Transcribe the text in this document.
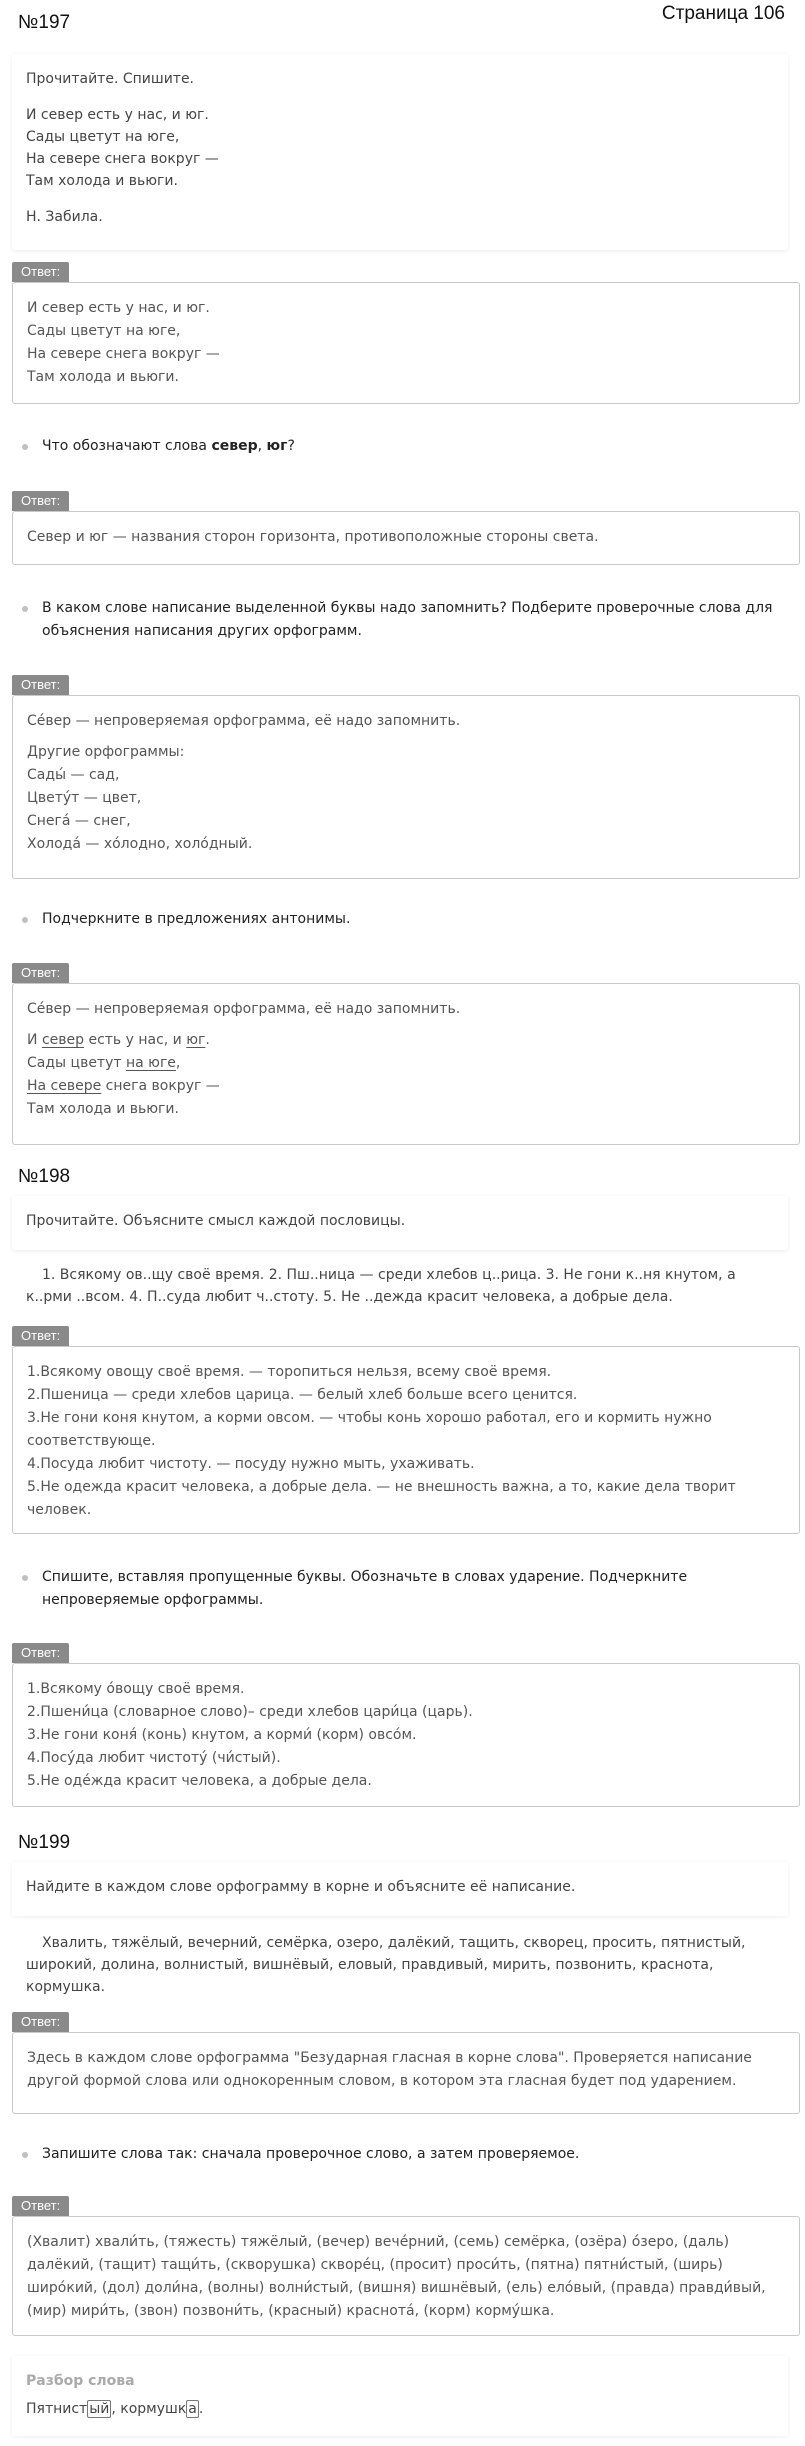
№197	Страница 106

Прочитайте. Спишите.

И север есть у нас, и юг.

Сады цветут на юге,

На севере снега вокруг —

Там холода и вьюги.

Н. Забила.

Ответ:

И север есть у нас, и юг.

Сады цветут на юге,

На севере снега вокруг —

Там холода и вьюги.

Что обозначают слова север, юг?
Ответ:

Север и юг — названия сторон горизонта, противоположные стороны света.

В каком слове написание выделенной буквы надо запомнить? Подберите проверочные слова для объяснения написания других орфограмм.
Ответ:

Се́вер — непроверяемая орфограмма, её надо запомнить.

Другие орфограммы:

Сады́ — сад,

Цвету́т — цвет,

Снега́ — снег,

Холода́ — хо́лодно, холо́дный.

Подчеркните в предложениях антонимы.
Ответ:

Се́вер — непроверяемая орфограмма, её надо запомнить.

И север есть у нас, и юг.

Сады цветут на юге,

На севере снега вокруг —

Там холода и вьюги.

№198

Прочитайте. Объясните смысл каждой пословицы.

1. Всякому ов..щу своё время. 2. Пш..ница — среди хлебов ц..рица. 3. Не гони к..ня кнутом, а к..рми ..всом. 4. П..суда любит ч..стоту. 5. Не ..дежда красит человека, а добрые дела.
Ответ:

1.Всякому овощу своё время. — торопиться нельзя, всему своё время.

2.Пшеница — среди хлебов царица. — белый хлеб больше всего ценится.

3.Не гони коня кнутом, а корми овсом. — чтобы конь хорошо работал, его и кормить нужно соответствующе.

4.Посуда любит чистоту. — посуду нужно мыть, ухаживать.

5.Не одежда красит человека, а добрые дела. — не внешность важна, а то, какие дела творит человек.

Спишите, вставляя пропущенные буквы. Обозначьте в словах ударение. Подчеркните непроверяемые орфограммы.
Ответ:

1.Всякому о́вощу своё время.

2.Пшени́ца (словарное слово)– среди хлебов цари́ца (царь).

3.Не гони коня́ (конь) кнутом, а корми́ (корм) овсо́м.

4.Посу́да любит чистоту́ (чи́стый).

5.Не оде́жда красит человека, а добрые дела.

№199

Найдите в каждом слове орфограмму в корне и объясните её написание.

Хвалить, тяжёлый, вечерний, семёрка, озеро, далёкий, тащить, скворец, просить, пятнистый, широкий, долина, волнистый, вишнёвый, еловый, правдивый, мирить, позвонить, краснота, кормушка.
Ответ:

Здесь в каждом слове орфограмма "Безударная гласная в корне слова". Проверяется написание другой формой слова или однокоренным словом, в котором эта гласная будет под ударением.

Запишите слова так: сначала проверочное слово, а затем проверяемое.
Ответ:

(Хвалит) хвали́ть, (тяжесть) тяжёлый, (вечер) вече́рний, (семь) семёрка, (озёра) о́зеро, (даль) далёкий, (тащит) тащи́ть, (скворушка) скворе́ц, (просит) проси́ть, (пятна) пятни́стый, (ширь) широ́кий, (дол) доли́на, (волны) волни́стый, (вишня) вишнёвый, (ель) ело́вый, (правда) правди́вый, (мир) мири́ть, (звон) позвони́ть, (красный) краснота́, (корм) корму́шка.

Разбор слова

Пятнист ый , кормушк а .
